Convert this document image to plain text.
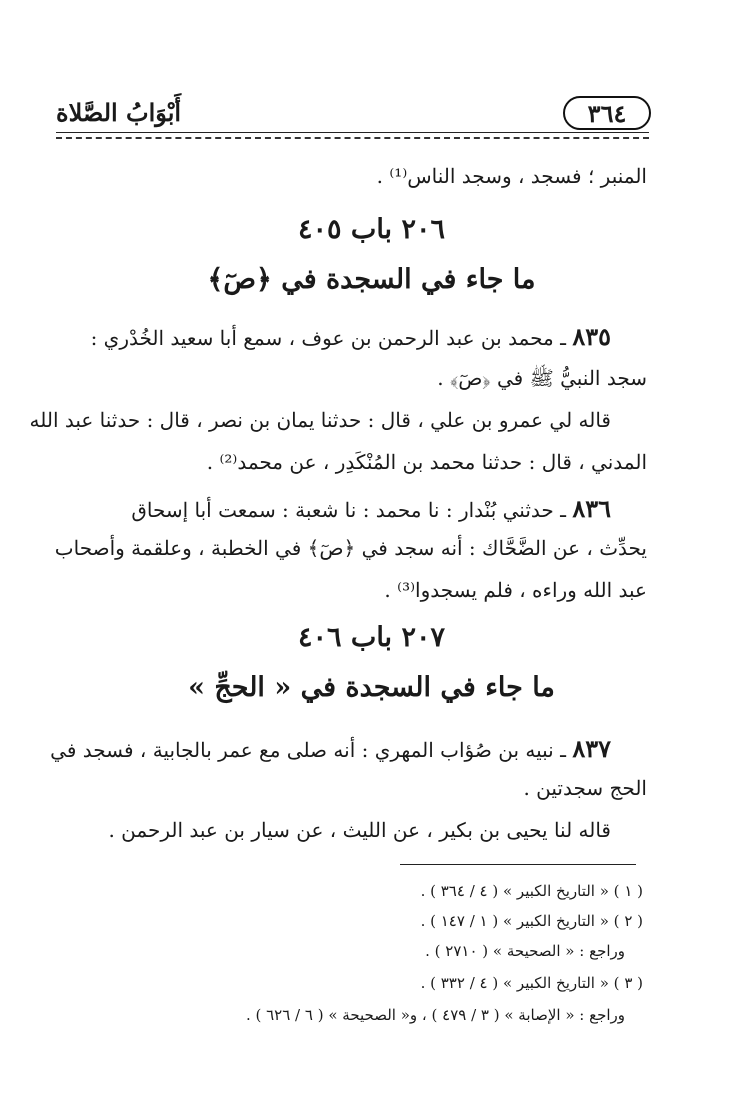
٣٦٤
أَبْوَابُ الصَّلاة
المنبر ؛ فسجد ، وسجد الناس⁽¹⁾ .
٢٠٦ باب ٤٠٥
ما جاء في السجدة في ﴿صٓ﴾
٨٣٥ ـ محمد بن عبد الرحمن بن عوف ، سمع أبا سعيد الخُدْري :
سجد النبيُّ ﷺ في ﴿صٓ﴾ .
قاله لي عمرو بن علي ، قال : حدثنا يمان بن نصر ، قال : حدثنا عبد الله
المدني ، قال : حدثنا محمد بن المُنْكَدِر ، عن محمد⁽²⁾ .
٨٣٦ ـ حدثني بُنْدار : نا محمد : نا شعبة : سمعت أبا إسحاق
يحدِّث ، عن الضَّحَّاك : أنه سجد في ﴿صٓ﴾ في الخطبة ، وعلقمة وأصحاب
عبد الله وراءه ، فلم يسجدوا⁽³⁾ .
٢٠٧ باب ٤٠٦
ما جاء في السجدة في « الحجِّ »
٨٣٧ ـ نبيه بن صُؤاب المهري : أنه صلى مع عمر بالجابية ، فسجد في
الحج سجدتين .
قاله لنا يحيى بن بكير ، عن الليث ، عن سيار بن عبد الرحمن .
( ١ ) « التاريخ الكبير » ( ٤ / ٣٦٤ ) .
( ٢ ) « التاريخ الكبير » ( ١ / ١٤٧ ) .
وراجع : « الصحيحة » ( ٢٧١٠ ) .
( ٣ ) « التاريخ الكبير » ( ٤ / ٣٣٢ ) .
وراجع : « الإصابة » ( ٣ / ٤٧٩ ) ، و« الصحيحة » ( ٦ / ٦٢٦ ) .
